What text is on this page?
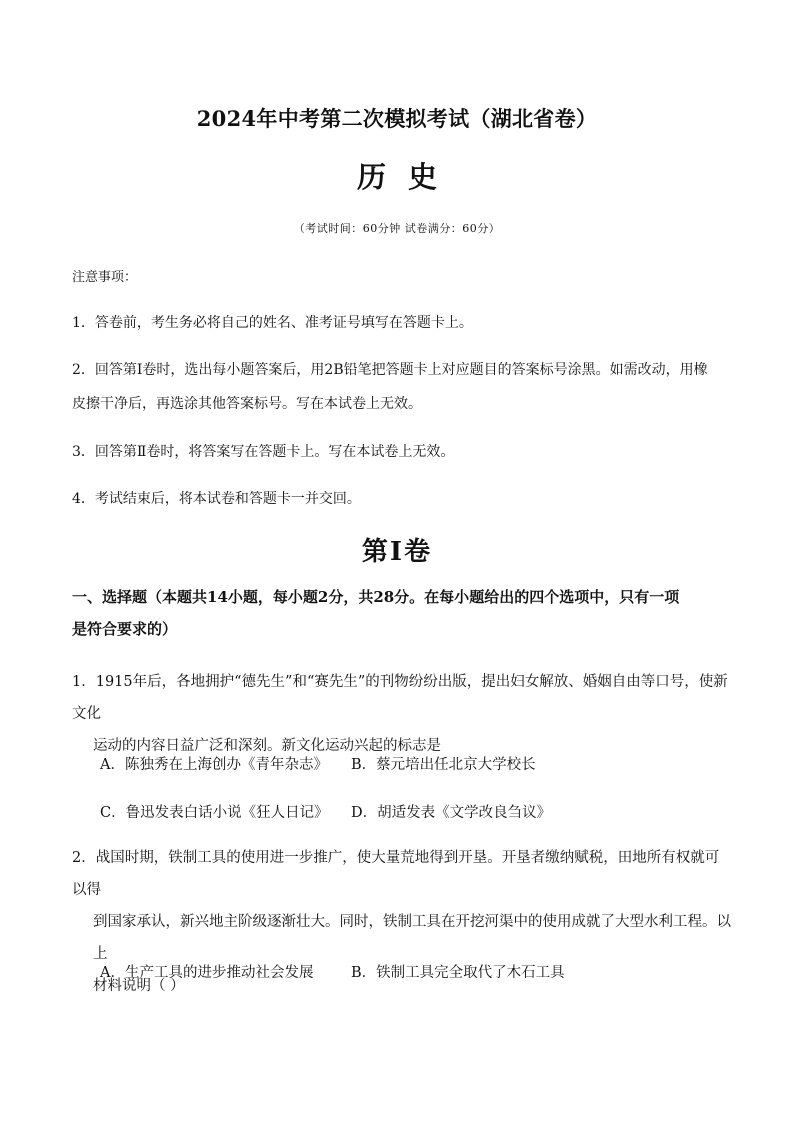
2024年中考第二次模拟考试（湖北省卷）
历史

（考试时间：60分钟 试卷满分：60分）

注意事项：

1．答卷前，考生务必将自己的姓名、准考证号填写在答题卡上。

2．回答第Ⅰ卷时，选出每小题答案后，用2B铅笔把答题卡上对应题目的答案标号涂黑。如需改动，用橡
皮擦干净后，再选涂其他答案标号。写在本试卷上无效。

3．回答第Ⅱ卷时，将答案写在答题卡上。写在本试卷上无效。

4．考试结束后，将本试卷和答题卡一并交回。

第Ⅰ卷
一、选择题（本题共14小题，每小题2分，共28分。在每小题给出的四个选项中，只有一项
是符合要求的）
1．1915年后，各地拥护“德先生”和“赛先生”的刊物纷纷出版，提出妇女解放、婚姻自由等口号，使新文化
运动的内容日益广泛和深刻。新文化运动兴起的标志是
A．陈独秀在上海创办《青年杂志》 B．蔡元培出任北京大学校长
C．鲁迅发表白话小说《狂人日记》 D．胡适发表《文学改良刍议》
2．战国时期，铁制工具的使用进一步推广，使大量荒地得到开垦。开垦者缴纳赋税，田地所有权就可以得
到国家承认，新兴地主阶级逐渐壮大。同时，铁制工具在开挖河渠中的使用成就了大型水利工程。以上
材料说明（ ）
A．生产工具的进步推动社会发展	B．铁制工具完全取代了木石工具
